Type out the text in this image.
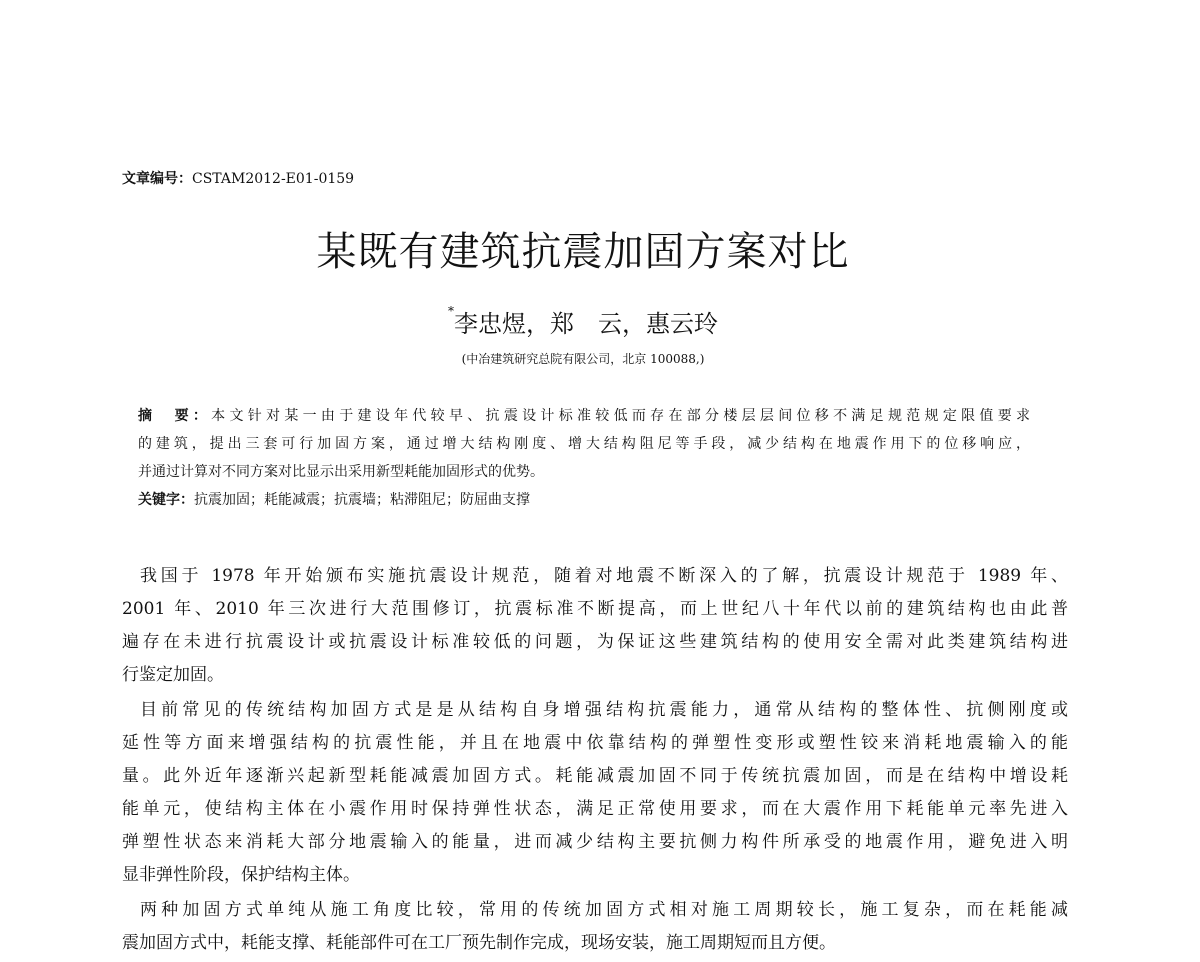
文章编号：CSTAM2012-E01-0159
某既有建筑抗震加固方案对比
*李忠煜，郑　云，惠云玲
(中冶建筑研究总院有限公司，北京 100088,)
摘　要：本文针对某一由于建设年代较早、抗震设计标准较低而存在部分楼层层间位移不满足规范规定限值要求
的建筑，提出三套可行加固方案，通过增大结构刚度、增大结构阻尼等手段，减少结构在地震作用下的位移响应，
并通过计算对不同方案对比显示出采用新型耗能加固形式的优势。
关键字：抗震加固；耗能减震；抗震墙；粘滞阻尼；防屈曲支撑
我国于 1978 年开始颁布实施抗震设计规范，随着对地震不断深入的了解，抗震设计规范于 1989 年、
2001 年、2010 年三次进行大范围修订，抗震标准不断提高，而上世纪八十年代以前的建筑结构也由此普
遍存在未进行抗震设计或抗震设计标准较低的问题，为保证这些建筑结构的使用安全需对此类建筑结构进
行鉴定加固。
目前常见的传统结构加固方式是是从结构自身增强结构抗震能力，通常从结构的整体性、抗侧刚度或
延性等方面来增强结构的抗震性能，并且在地震中依靠结构的弹塑性变形或塑性铰来消耗地震输入的能
量。此外近年逐渐兴起新型耗能减震加固方式。耗能减震加固不同于传统抗震加固，而是在结构中增设耗
能单元，使结构主体在小震作用时保持弹性状态，满足正常使用要求，而在大震作用下耗能单元率先进入
弹塑性状态来消耗大部分地震输入的能量，进而减少结构主要抗侧力构件所承受的地震作用，避免进入明
显非弹性阶段，保护结构主体。
两种加固方式单纯从施工角度比较，常用的传统加固方式相对施工周期较长，施工复杂，而在耗能减
震加固方式中，耗能支撑、耗能部件可在工厂预先制作完成，现场安装，施工周期短而且方便。
